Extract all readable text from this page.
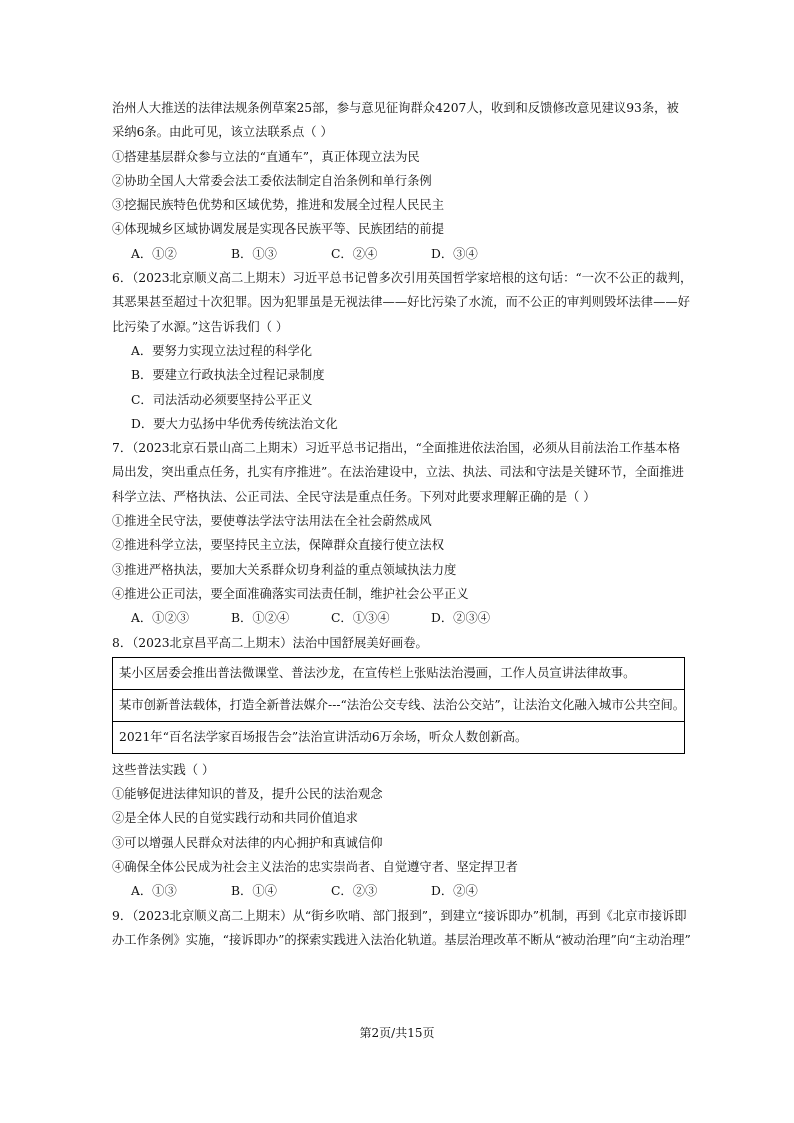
治州人大推送的法律法规条例草案25部，参与意见征询群众4207人，收到和反馈修改意见建议93条，被
采纳6条。由此可见，该立法联系点（ ）
①搭建基层群众参与立法的“直通车”，真正体现立法为民
②协助全国人大常委会法工委依法制定自治条例和单行条例
③挖掘民族特色优势和区域优势，推进和发展全过程人民民主
④体现城乡区域协调发展是实现各民族平等、民族团结的前提
A．①②	B．①③	C．②④	D．③④
6．（2023北京顺义高二上期末）习近平总书记曾多次引用英国哲学家培根的这句话：“一次不公正的裁判，
其恶果甚至超过十次犯罪。因为犯罪虽是无视法律——好比污染了水流，而不公正的审判则毁坏法律——好
比污染了水源。”这告诉我们（ ）
A．要努力实现立法过程的科学化
B．要建立行政执法全过程记录制度
C．司法活动必须要坚持公平正义
D．要大力弘扬中华优秀传统法治文化
7．（2023北京石景山高二上期末）习近平总书记指出，“全面推进依法治国，必须从目前法治工作基本格
局出发，突出重点任务，扎实有序推进”。在法治建设中，立法、执法、司法和守法是关键环节，全面推进
科学立法、严格执法、公正司法、全民守法是重点任务。下列对此要求理解正确的是（ ）
①推进全民守法，要使尊法学法守法用法在全社会蔚然成风
②推进科学立法，要坚持民主立法，保障群众直接行使立法权
③推进严格执法，要加大关系群众切身利益的重点领域执法力度
④推进公正司法，要全面准确落实司法责任制，维护社会公平正义
A．①②③	B．①②④	C．①③④	D．②③④
8．（2023北京昌平高二上期末）法治中国舒展美好画卷。
某小区居委会推出普法微课堂、普法沙龙，在宣传栏上张贴法治漫画，工作人员宣讲法律故事。
某市创新普法载体，打造全新普法媒介---“法治公交专线、法治公交站”，让法治文化融入城市公共空间。
2021年“百名法学家百场报告会”法治宣讲活动6万余场，听众人数创新高。
这些普法实践（ ）
①能够促进法律知识的普及，提升公民的法治观念
②是全体人民的自觉实践行动和共同价值追求
③可以增强人民群众对法律的内心拥护和真诚信仰
④确保全体公民成为社会主义法治的忠实崇尚者、自觉遵守者、坚定捍卫者
A．①③	B．①④	C．②③	D．②④
9．（2023北京顺义高二上期末）从“街乡吹哨、部门报到”，到建立“接诉即办”机制，再到《北京市接诉即
办工作条例》实施，“接诉即办”的探索实践进入法治化轨道。基层治理改革不断从“被动治理”向“主动治理”
第2页/共15页
